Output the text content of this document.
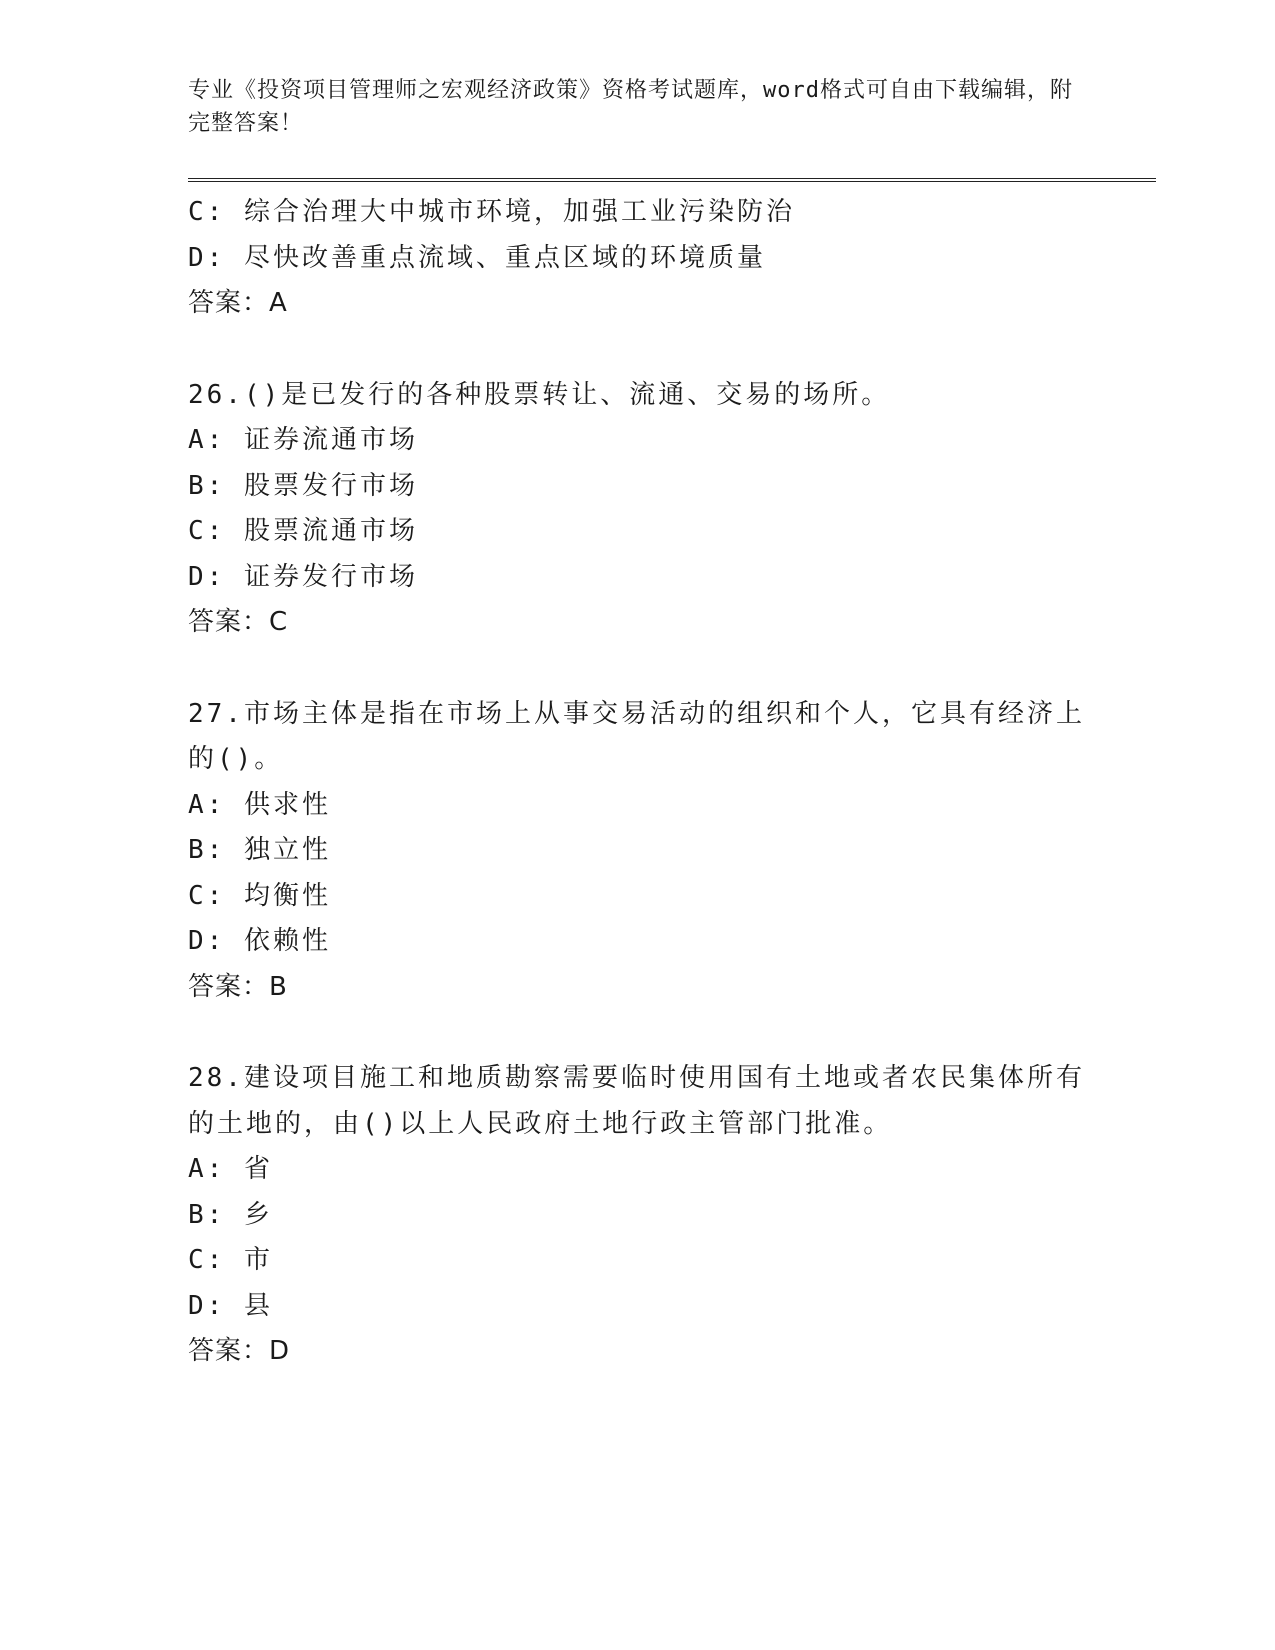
专业《投资项目管理师之宏观经济政策》资格考试题库，word格式可自由下载编辑，附完整答案！
C: 综合治理大中城市环境，加强工业污染防治
D: 尽快改善重点流域、重点区域的环境质量
答案：A
26.()是已发行的各种股票转让、流通、交易的场所。
A: 证券流通市场
B: 股票发行市场
C: 股票流通市场
D: 证券发行市场
答案：C
27.市场主体是指在市场上从事交易活动的组织和个人，它具有经济上的()。
A: 供求性
B: 独立性
C: 均衡性
D: 依赖性
答案：B
28.建设项目施工和地质勘察需要临时使用国有土地或者农民集体所有的土地的，由()以上人民政府土地行政主管部门批准。
A: 省
B: 乡
C: 市
D: 县
答案：D
